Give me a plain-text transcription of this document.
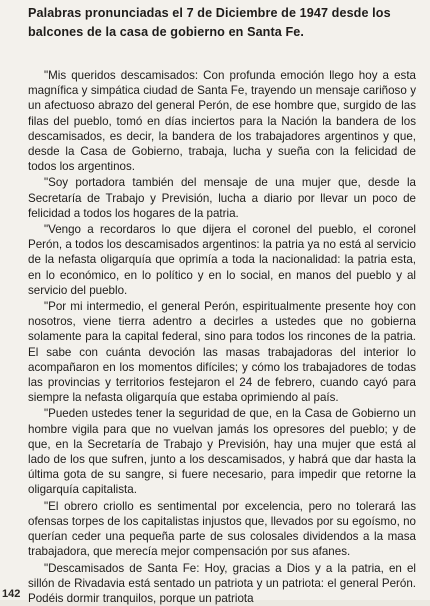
Palabras pronunciadas el 7 de Diciembre de 1947 desde los balcones de la casa de gobierno en Santa Fe.

"Mis queridos descamisados: Con profunda emoción llego hoy a esta magnífica y simpática ciudad de Santa Fe, trayendo un mensaje cariñoso y un afectuoso abrazo del general Perón, de ese hombre que, surgido de las filas del pueblo, tomó en días inciertos para la Nación la bandera de los descamisados, es decir, la bandera de los trabajadores argentinos y que, desde la Casa de Gobierno, trabaja, lucha y sueña con la felicidad de todos los argentinos.

"Soy portadora también del mensaje de una mujer que, desde la Secretaría de Trabajo y Previsión, lucha a diario por llevar un poco de felicidad a todos los hogares de la patria.

"Vengo a recordaros lo que dijera el coronel del pueblo, el coronel Perón, a todos los descamisados argentinos: la patria ya no está al servicio de la nefasta oligarquía que oprimía a toda la nacionalidad: la patria esta, en lo económico, en lo político y en lo social, en manos del pueblo y al servicio del pueblo.

"Por mi intermedio, el general Perón, espiritualmente presente hoy con nosotros, viene tierra adentro a decirles a ustedes que no gobierna solamente para la capital federal, sino para todos los rincones de la patria. El sabe con cuánta devoción las masas trabajadoras del interior lo acompañaron en los momentos difíciles; y cómo los trabajadores de todas las provincias y territorios festejaron el 24 de febrero, cuando cayó para siempre la nefasta oligarquía que estaba oprimiendo al país.

"Pueden ustedes tener la seguridad de que, en la Casa de Gobierno un hombre vigila para que no vuelvan jamás los opresores del pueblo; y de que, en la Secretaría de Trabajo y Previsión, hay una mujer que está al lado de los que sufren, junto a los descamisados, y habrá que dar hasta la última gota de su sangre, si fuere necesario, para impedir que retorne la oligarquía capitalista.

"El obrero criollo es sentimental por excelencia, pero no tolerará las ofensas torpes de los capitalistas injustos que, llevados por su egoísmo, no querían ceder una pequeña parte de sus colosales dividendos a la masa trabajadora, que merecía mejor compensación por sus afanes.

"Descamisados de Santa Fe: Hoy, gracias a Dios y a la patria, en el sillón de Rivadavia está sentado un patriota y un patriota: el general Perón. Podéis dormir tranquilos, porque un patriota

142
